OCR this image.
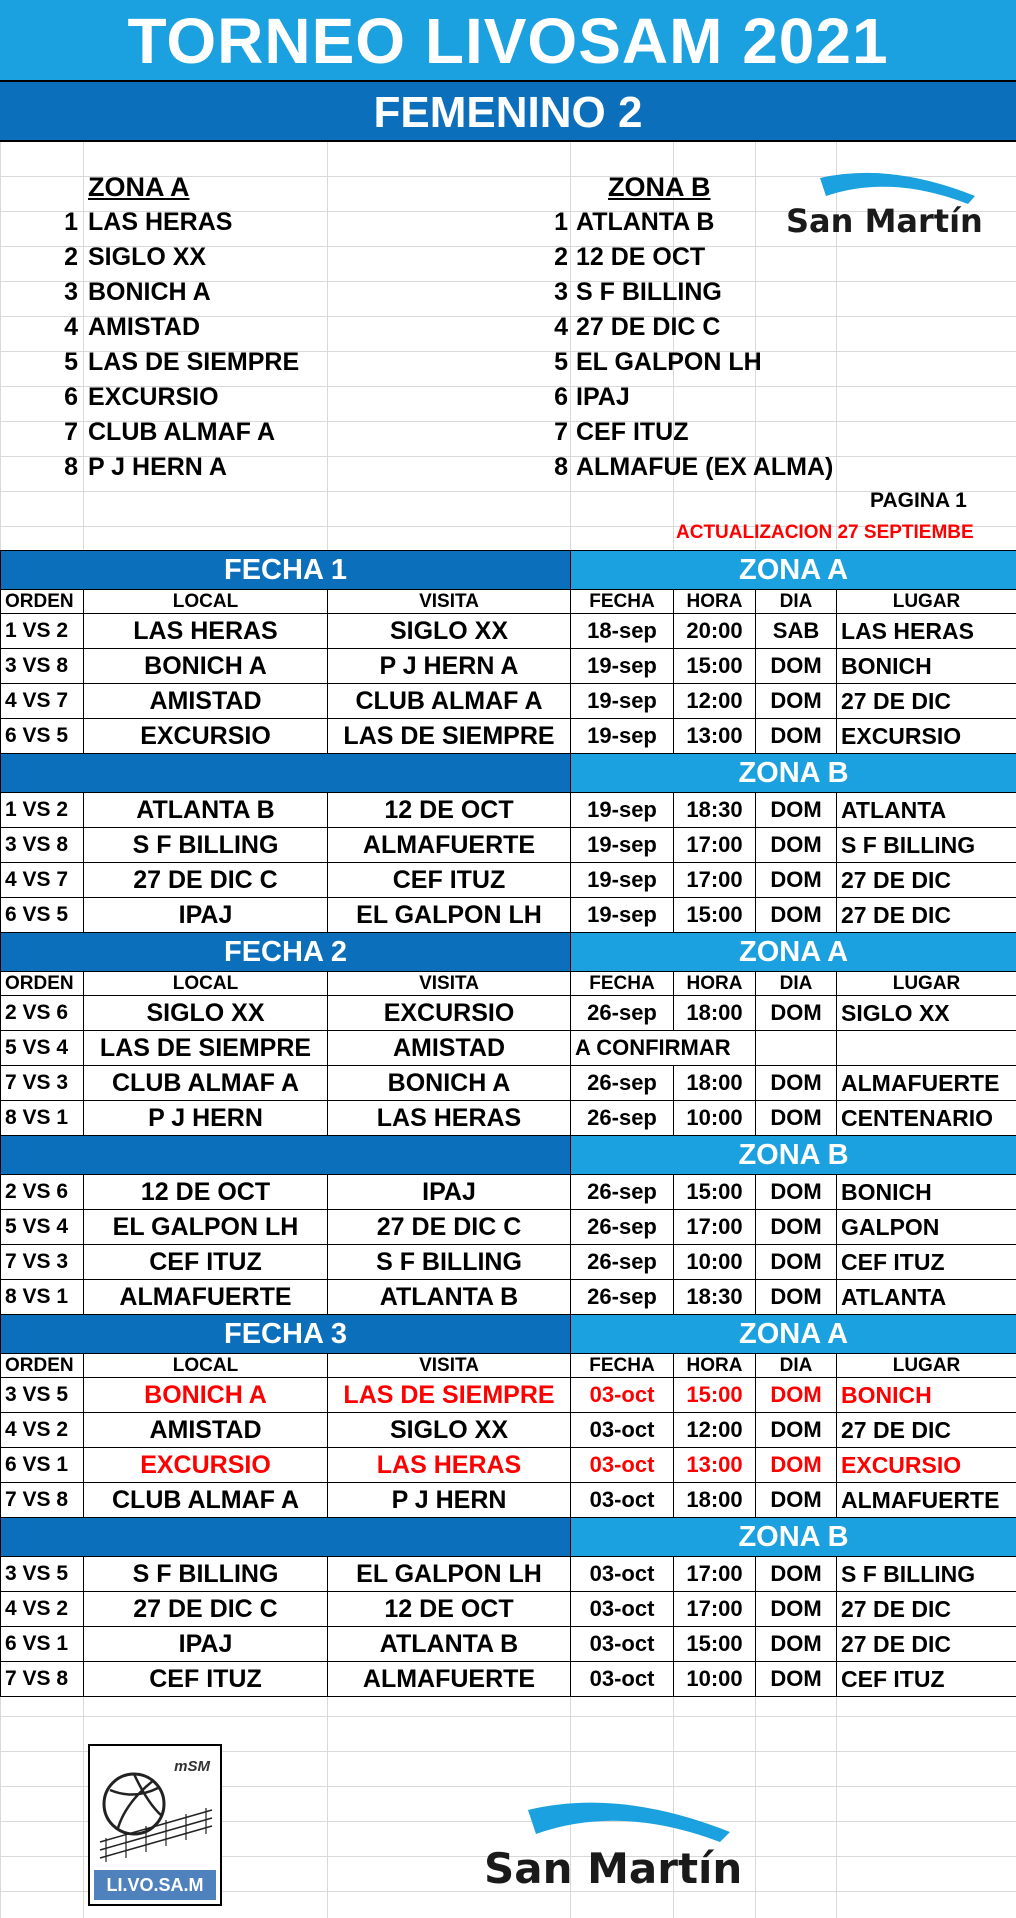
TORNEO LIVOSAM 2021
FEMENINO 2
ZONA A	ZONA B
1 LAS HERAS
2 SIGLO XX
3 BONICH A
4 AMISTAD
5 LAS DE SIEMPRE
6 EXCURSIO
7 CLUB ALMAF A
8 P J HERN A
1 ATLANTA B
2 12 DE OCT
3 S F BILLING
4 27 DE DIC C
5 EL GALPON LH
6 IPAJ
7 CEF ITUZ
8 ALMAFUE (EX ALMA)
San Martín
PAGINA 1
ACTUALIZACION 27 SEPTIEMBE
FECHA 1			ZONA A			
ORDEN	LOCAL	VISITA	FECHA	HORA	DIA	LUGAR
1 VS 2	LAS HERAS	SIGLO XX	18-sep	20:00	SAB	LAS HERAS
3 VS 8	BONICH A	P J HERN A	19-sep	15:00	DOM	BONICH
4 VS 7	AMISTAD	CLUB ALMAF A	19-sep	12:00	DOM	27 DE DIC
6 VS 5	EXCURSIO	LAS DE SIEMPRE	19-sep	13:00	DOM	EXCURSIO
			ZONA B			
1 VS 2	ATLANTA B	12 DE OCT	19-sep	18:30	DOM	ATLANTA
3 VS 8	S F BILLING	ALMAFUERTE	19-sep	17:00	DOM	S F BILLING
4 VS 7	27 DE DIC C	CEF ITUZ	19-sep	17:00	DOM	27 DE DIC
6 VS 5	IPAJ	EL GALPON LH	19-sep	15:00	DOM	27 DE DIC
FECHA 2			ZONA A			
ORDEN	LOCAL	VISITA	FECHA	HORA	DIA	LUGAR
2 VS 6	SIGLO XX	EXCURSIO	26-sep	18:00	DOM	SIGLO XX
5 VS 4	LAS DE SIEMPRE	AMISTAD	A CONFIRMAR			
7 VS 3	CLUB ALMAF A	BONICH A	26-sep	18:00	DOM	ALMAFUERTE
8 VS 1	P J HERN	LAS HERAS	26-sep	10:00	DOM	CENTENARIO
			ZONA B			
2 VS 6	12 DE OCT	IPAJ	26-sep	15:00	DOM	BONICH
5 VS 4	EL GALPON LH	27 DE DIC C	26-sep	17:00	DOM	GALPON
7 VS 3	CEF ITUZ	S F BILLING	26-sep	10:00	DOM	CEF ITUZ
8 VS 1	ALMAFUERTE	ATLANTA B	26-sep	18:30	DOM	ATLANTA
FECHA 3			ZONA A			
ORDEN	LOCAL	VISITA	FECHA	HORA	DIA	LUGAR
3 VS 5	BONICH A	LAS DE SIEMPRE	03-oct	15:00	DOM	BONICH
4 VS 2	AMISTAD	SIGLO XX	03-oct	12:00	DOM	27 DE DIC
6 VS 1	EXCURSIO	LAS HERAS	03-oct	13:00	DOM	EXCURSIO
7 VS 8	CLUB ALMAF A	P J HERN	03-oct	18:00	DOM	ALMAFUERTE
			ZONA B			
3 VS 5	S F BILLING	EL GALPON LH	03-oct	17:00	DOM	S F BILLING
4 VS 2	27 DE DIC C	12 DE OCT	03-oct	17:00	DOM	27 DE DIC
6 VS 1	IPAJ	ATLANTA B	03-oct	15:00	DOM	27 DE DIC
7 VS 8	CEF ITUZ	ALMAFUERTE	03-oct	10:00	DOM	CEF ITUZ
mSM
LI.VO.SA.M	San Martín
